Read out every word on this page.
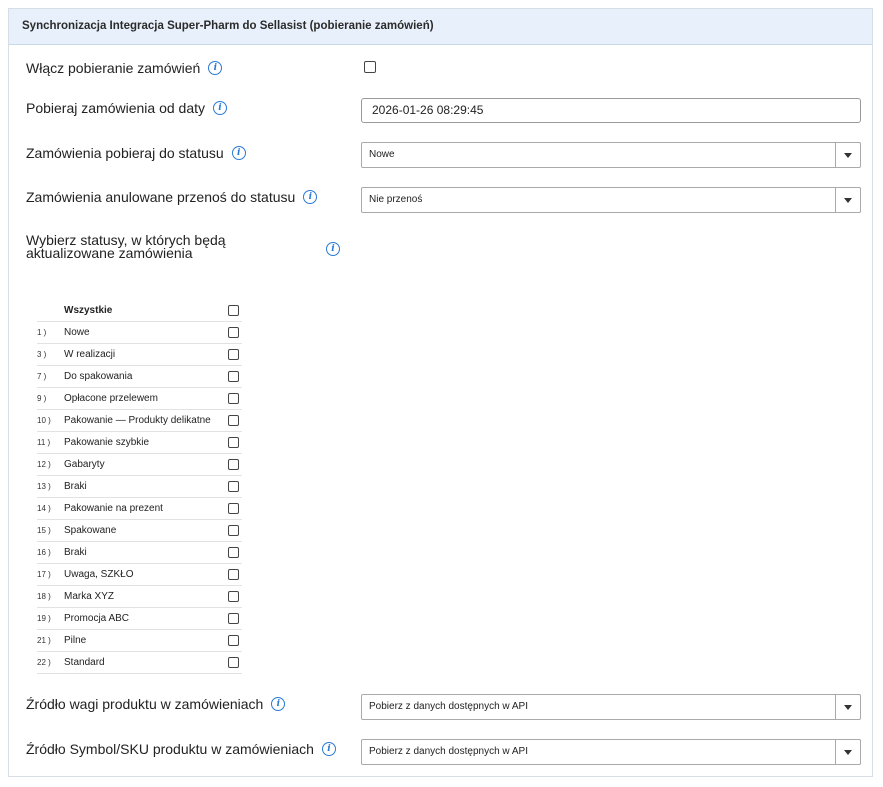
Synchronizacja Integracja Super-Pharm do Sellasist (pobieranie zamówień)
Włącz pobieranie zamówień	i
Pobieraj zamówienia od daty	i	2026-01-26 08:29:45
Zamówienia pobieraj do statusu	i	Nowe
Zamówienia anulowane przenoś do statusu	i	Nie przenoś
Wybierz statusy, w których będą aktualizowane zamówienia	i
Wszystkie
1 ) Nowe
3 ) W realizacji
7 ) Do spakowania
9 ) Opłacone przelewem
10 ) Pakowanie — Produkty delikatne
11 ) Pakowanie szybkie
12 ) Gabaryty
13 ) Braki
14 ) Pakowanie na prezent
15 ) Spakowane
16 ) Braki
17 ) Uwaga, SZKŁO
18 ) Marka XYZ
19 ) Promocja ABC
21 ) Pilne
22 ) Standard
Źródło wagi produktu w zamówieniach	i	Pobierz z danych dostępnych w API
Źródło Symbol/SKU produktu w zamówieniach	i	Pobierz z danych dostępnych w API
